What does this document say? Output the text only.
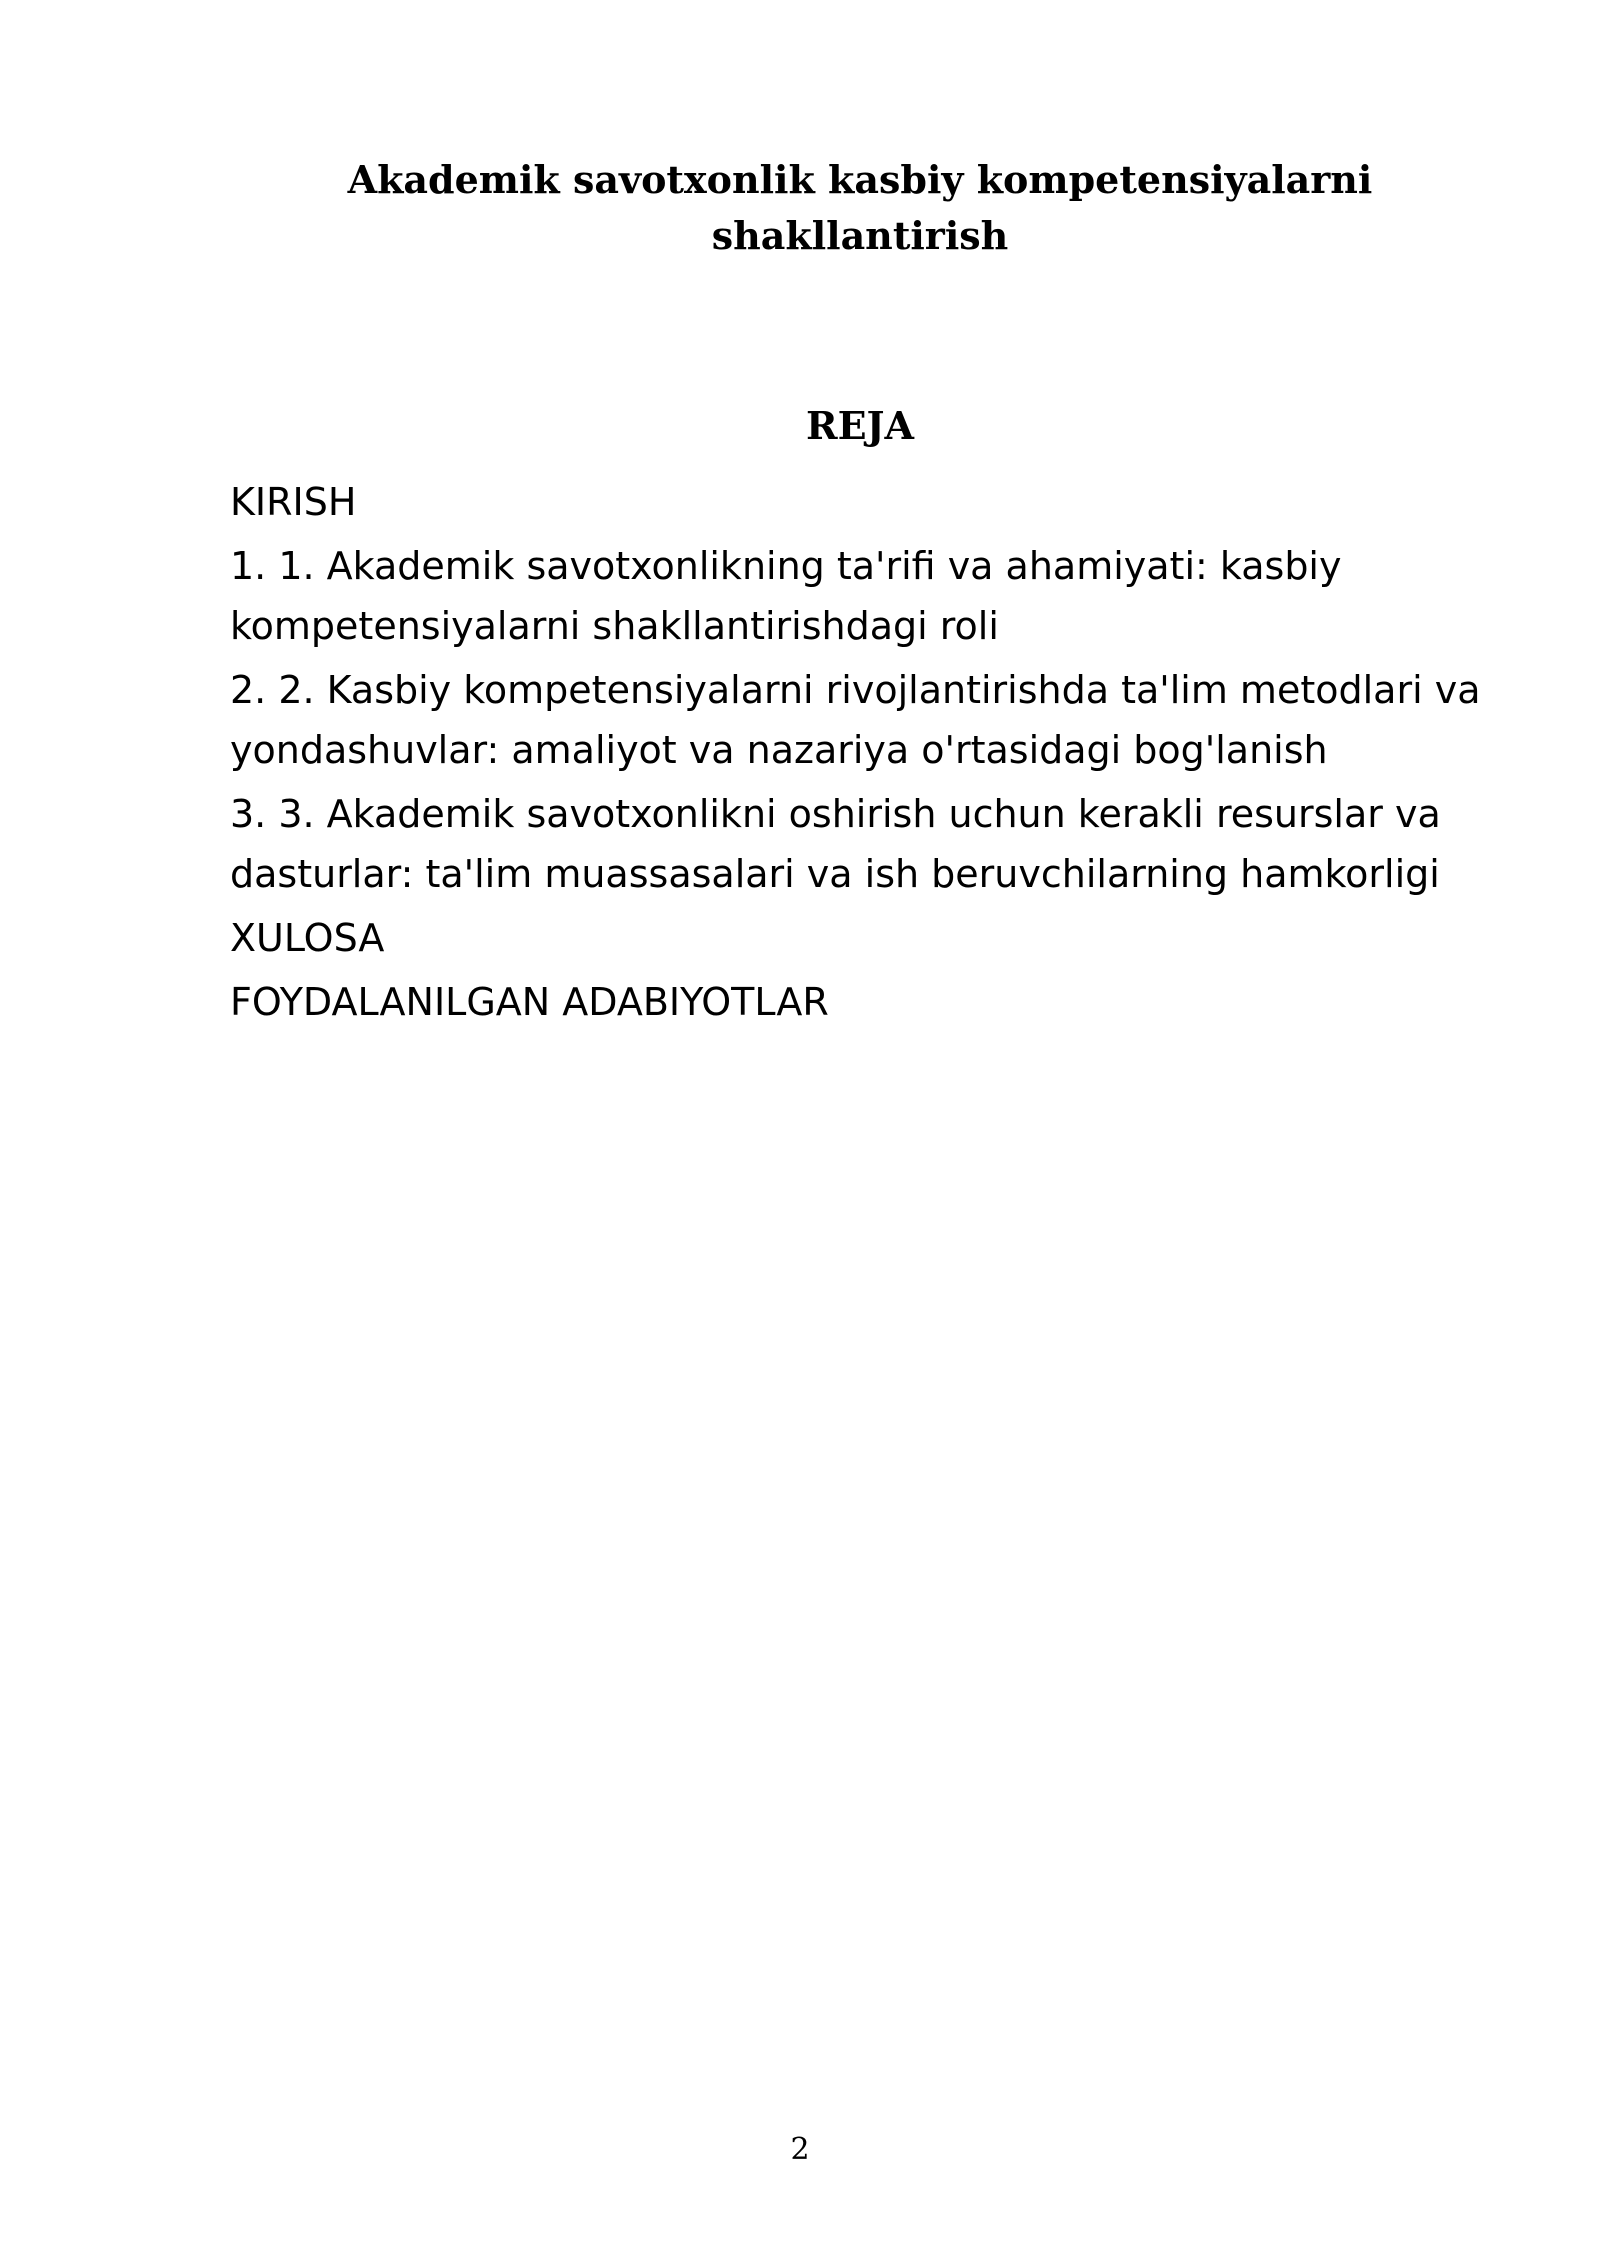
Akademik savotxonlik kasbiy kompetensiyalarni shakllantirish
REJA
KIRISH
1. 1. Akademik savotxonlikning ta'rifi va ahamiyati: kasbiy kompetensiyalarni shakllantirishdagi roli
2. 2. Kasbiy kompetensiyalarni rivojlantirishda ta'lim metodlari va yondashuvlar: amaliyot va nazariya o'rtasidagi bog'lanish
3. 3. Akademik savotxonlikni oshirish uchun kerakli resurslar va dasturlar: ta'lim muassasalari va ish beruvchilarning hamkorligi
XULOSA
FOYDALANILGAN ADABIYOTLAR
2
